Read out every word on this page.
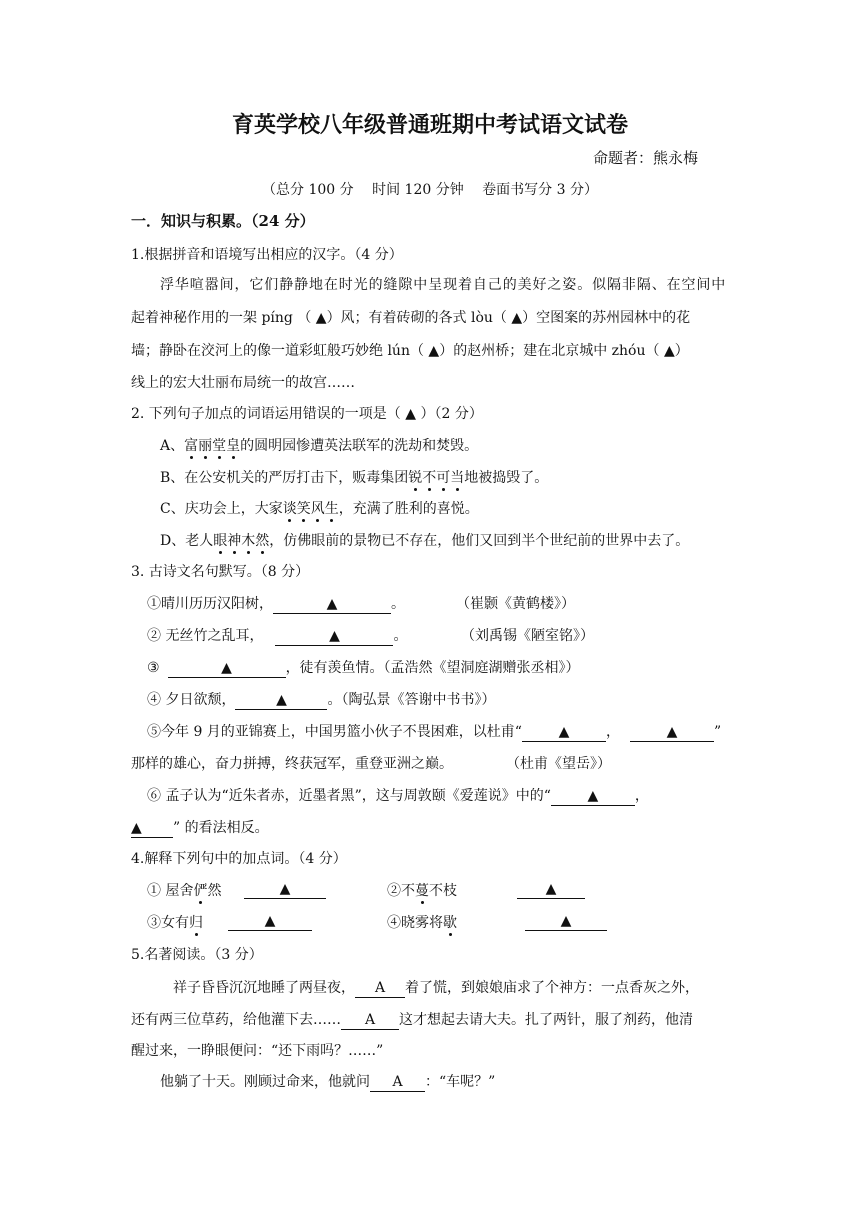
育英学校八年级普通班期中考试语文试卷
命题者：熊永梅
（总分 100 分　 时间 120 分钟　 卷面书写分 3 分）
一．知识与积累。（24 分）
1.根据拼音和语境写出相应的汉字。（4 分）
浮华喧嚣间，它们静静地在时光的缝隙中呈现着自己的美好之姿。似隔非隔、在空间中
起着神秘作用的一架 píng （ ▲）风；有着砖砌的各式 lòu（ ▲）空图案的苏州园林中的花
墙；静卧在洨河上的像一道彩虹般巧妙绝 lún（ ▲）的赵州桥；建在北京城中 zhóu（ ▲）
线上的宏大壮丽布局统一的故宫……
2. 下列句子加点的词语运用错误的一项是（ ▲ ）（2 分）
A、富丽堂皇的圆明园惨遭英法联军的洗劫和焚毁。
B、在公安机关的严厉打击下，贩毒集团锐不可当地被捣毁了。
C、庆功会上，大家谈笑风生，充满了胜利的喜悦。
D、老人眼神木然，仿佛眼前的景物已不存在，他们又回到半个世纪前的世界中去了。
3. 古诗文名句默写。（8 分）
①晴川历历汉阳树，	▲	。	（崔颢《黄鹤楼》）
② 无丝竹之乱耳，	▲	。	（刘禹锡《陋室铭》）
③	▲	，徒有羡鱼情。（孟浩然《望洞庭湖赠张丞相》）
④ 夕日欲颓，	▲	。（陶弘景《答谢中书书》）
⑤今年 9 月的亚锦赛上，中国男篮小伙子不畏困难，以杜甫“	▲	，	▲	”
那样的雄心，奋力拼搏，终获冠军，重登亚洲之巅。	（杜甫《望岳》）
⑥ 孟子认为“近朱者赤，近墨者黑”，这与周敦颐《爱莲说》中的“	▲	，
▲ ” 的看法相反。
4.解释下列句中的加点词。（4 分）
① 屋舍俨然	▲	②不蔓不枝	▲
③女有归	▲	④晓雾将歇	▲
5.名著阅读。（3 分）
祥子昏昏沉沉地睡了两昼夜， A 着了慌，到娘娘庙求了个神方：一点香灰之外，
还有两三位草药，给他灌下去…… A 这才想起去请大夫。扎了两针，服了剂药，他清
醒过来，一睁眼便问：“还下雨吗？……”
他躺了十天。刚顾过命来，他就问 A ：“车呢？”
